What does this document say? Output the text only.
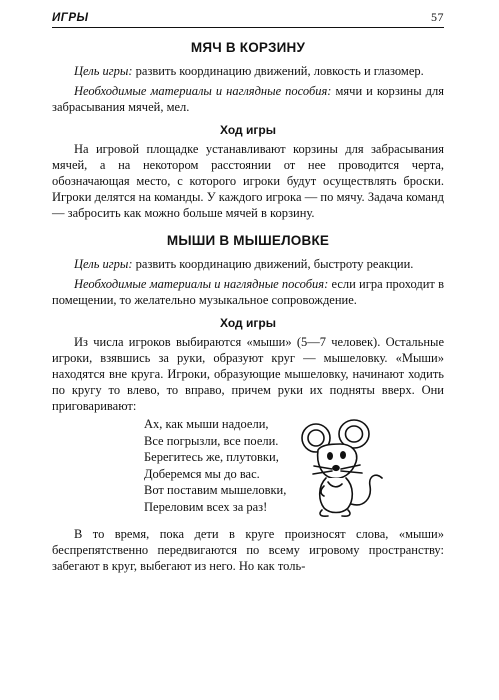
ИГРЫ	57
МЯЧ В КОРЗИНУ

Цель игры: развить координацию движений, ловкость и глазомер.

Необходимые материалы и наглядные пособия: мячи и корзины для забрасывания мячей, мел.

Ход игры

На игровой площадке устанавливают корзины для забрасывания мячей, а на некотором расстоянии от нее проводится черта, обозначающая место, с которого игроки будут осуществлять броски. Игроки делятся на команды. У каждого игрока — по мячу. Задача команд — забросить как можно больше мячей в корзину.

МЫШИ В МЫШЕЛОВКЕ

Цель игры: развить координацию движений, быстроту реакции.

Необходимые материалы и наглядные пособия: если игра проходит в помещении, то желательно музыкальное сопровождение.

Ход игры

Из числа игроков выбираются «мыши» (5—7 человек). Остальные игроки, взявшись за руки, образуют круг — мышеловку. «Мыши» находятся вне круга. Игроки, образующие мышеловку, начинают ходить по кругу то влево, то вправо, причем руки их подняты вверх. Они приговаривают:

Ах, как мыши надоели,
Все погрызли, все поели.
Берегитесь же, плутовки,
Доберемся мы до вас.
Вот поставим мышеловки,
Переловим всех за раз!

В то время, пока дети в круге произносят слова, «мыши» беспрепятственно передвигаются по всему игровому пространству: забегают в круг, выбегают из него. Но как толь-
